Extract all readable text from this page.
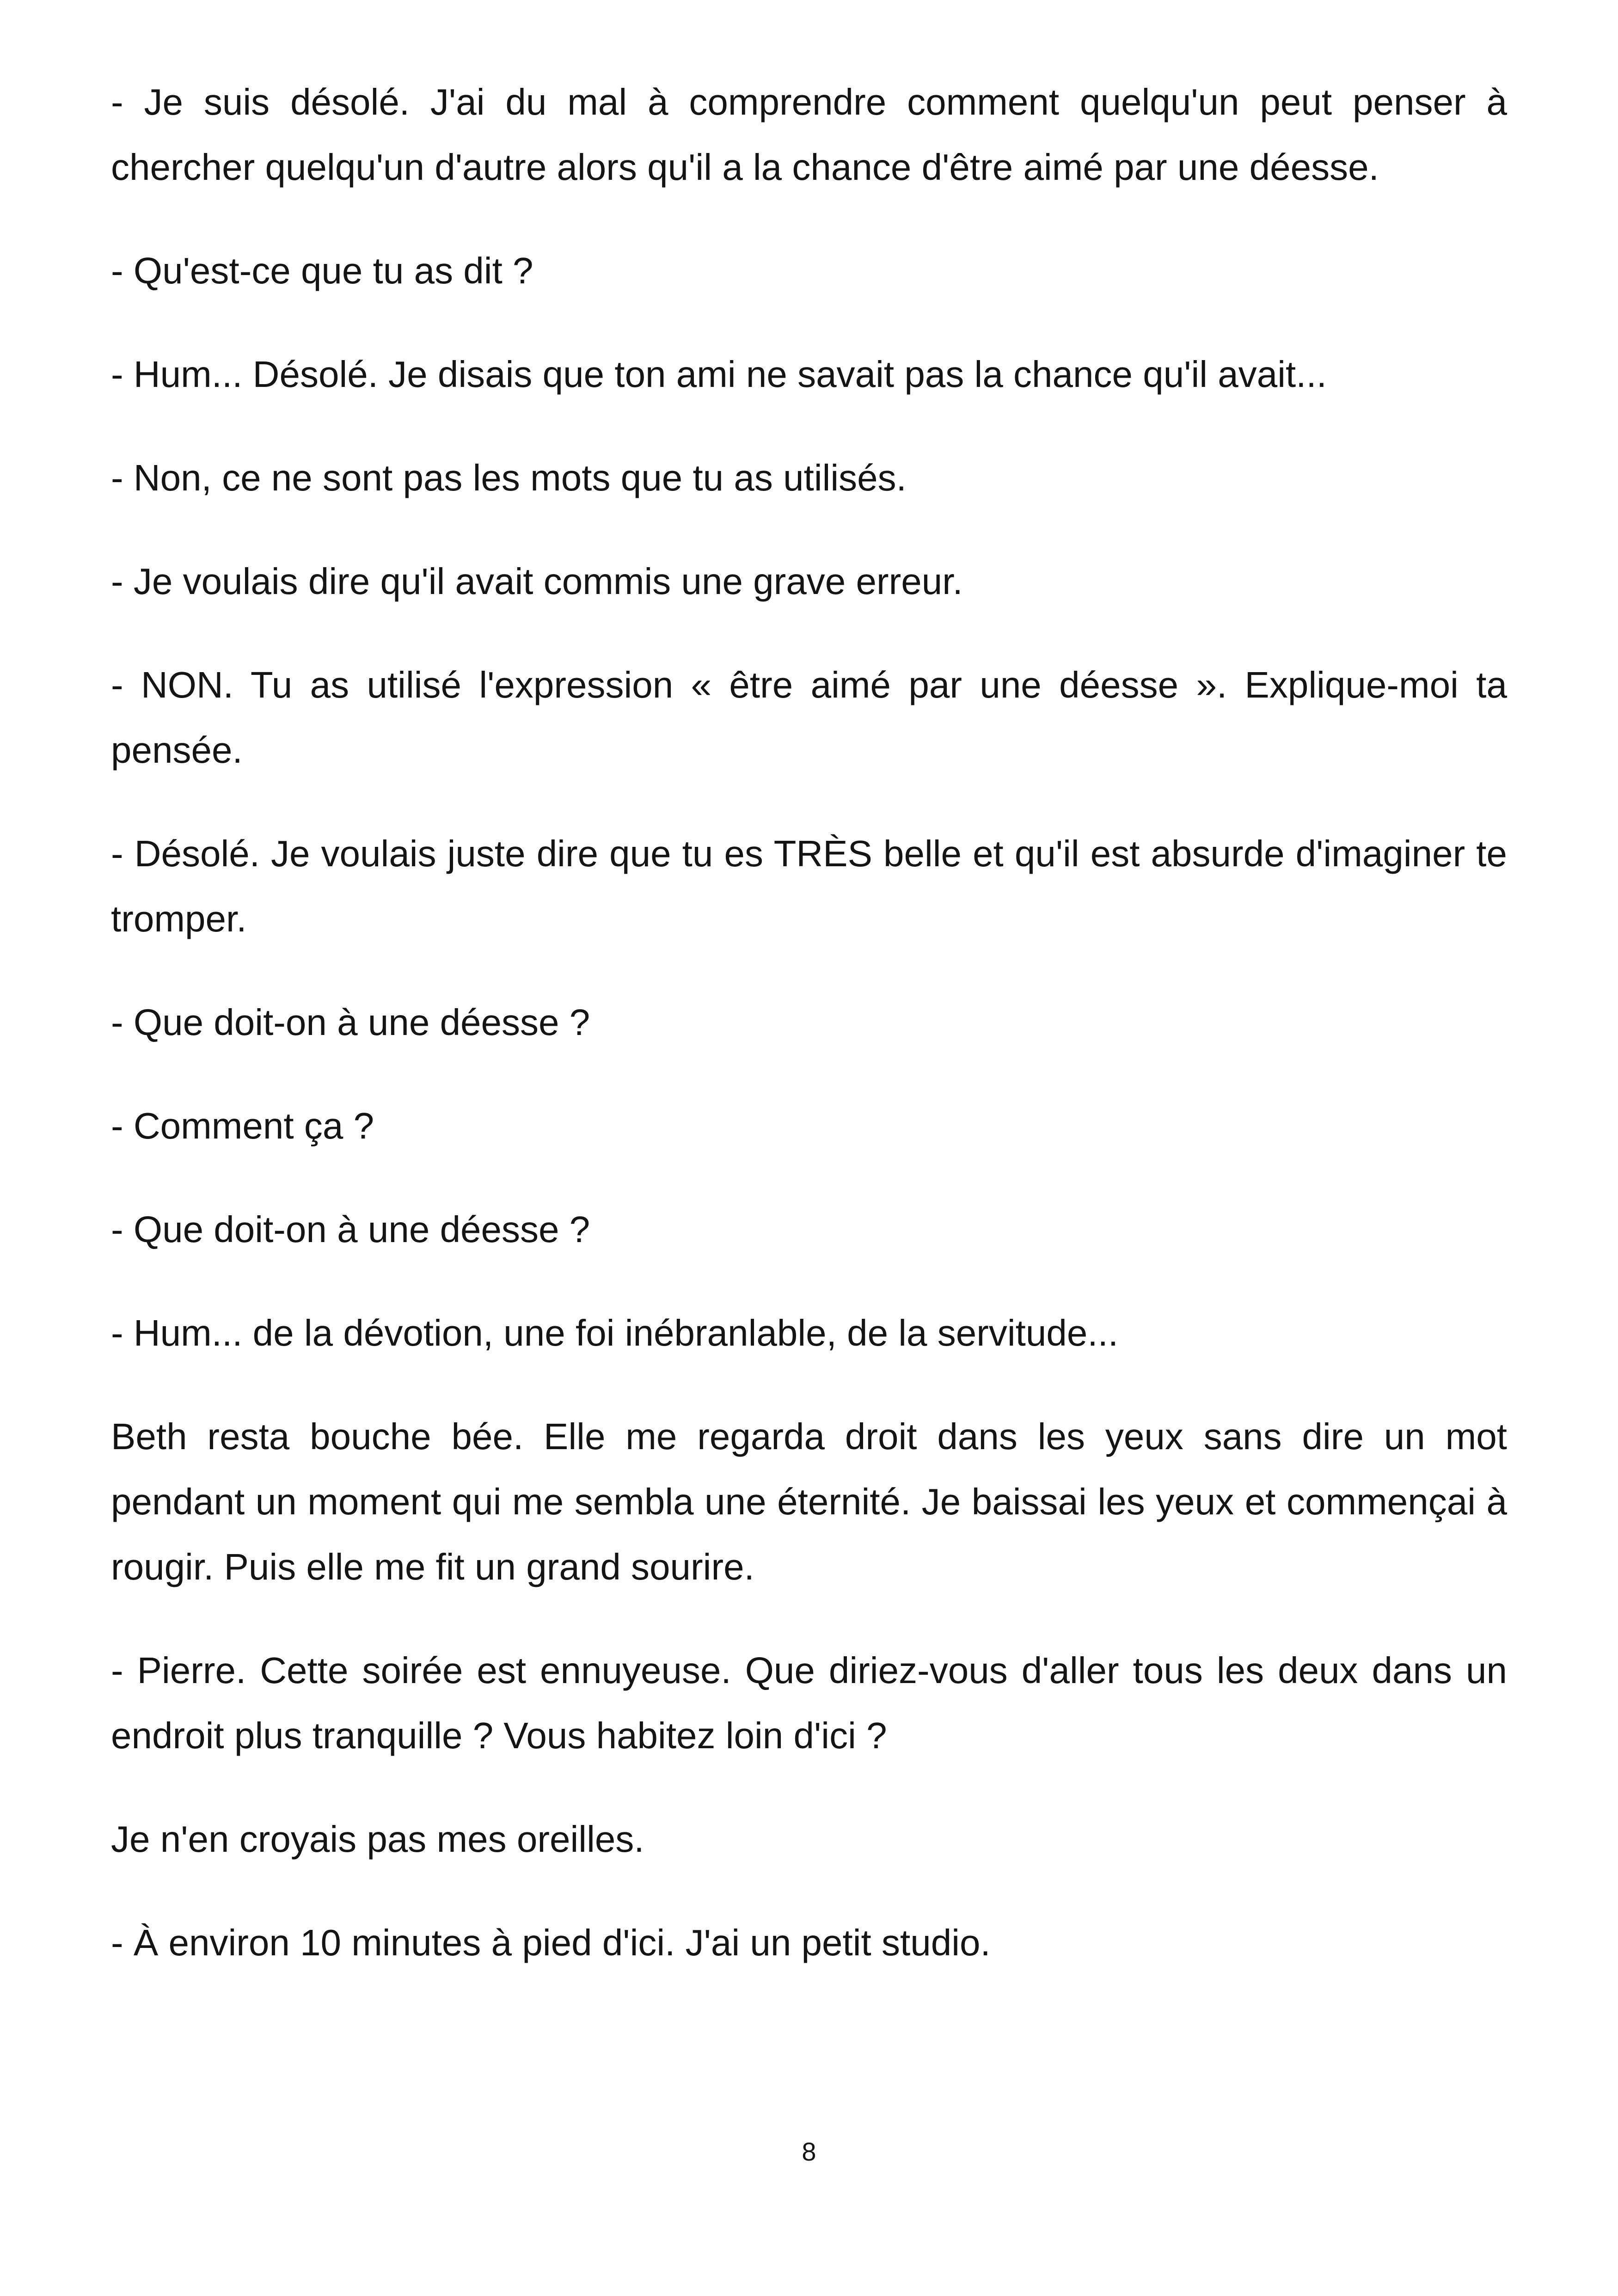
- Je suis désolé. J'ai du mal à comprendre comment quelqu'un peut penser à chercher quelqu'un d'autre alors qu'il a la chance d'être aimé par une déesse.

- Qu'est-ce que tu as dit ?

- Hum... Désolé. Je disais que ton ami ne savait pas la chance qu'il avait...

- Non, ce ne sont pas les mots que tu as utilisés.

- Je voulais dire qu'il avait commis une grave erreur.

- NON. Tu as utilisé l'expression « être aimé par une déesse ». Explique-moi ta pensée.

- Désolé. Je voulais juste dire que tu es TRÈS belle et qu'il est absurde d'imaginer te tromper.

- Que doit-on à une déesse ?

- Comment ça ?

- Que doit-on à une déesse ?

- Hum... de la dévotion, une foi inébranlable, de la servitude...

Beth resta bouche bée. Elle me regarda droit dans les yeux sans dire un mot pendant un moment qui me sembla une éternité. Je baissai les yeux et commençai à rougir. Puis elle me fit un grand sourire.

- Pierre. Cette soirée est ennuyeuse. Que diriez-vous d'aller tous les deux dans un endroit plus tranquille ? Vous habitez loin d'ici ?

Je n'en croyais pas mes oreilles.

- À environ 10 minutes à pied d'ici. J'ai un petit studio.

8
